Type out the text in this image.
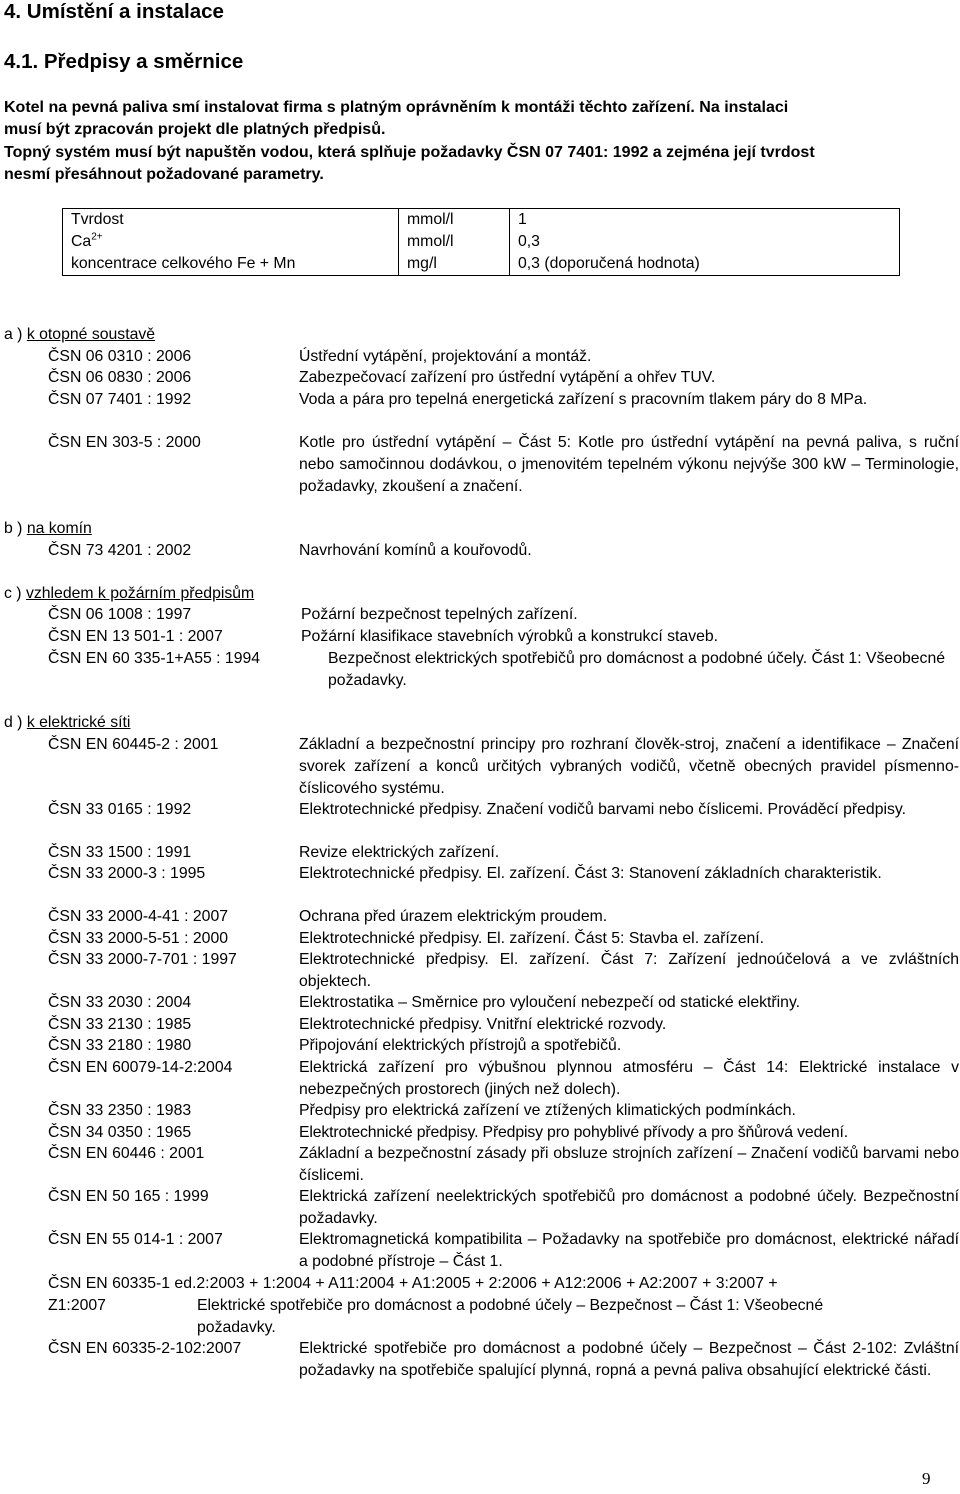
4. Umístění a instalace
4.1. Předpisy a směrnice
Kotel na pevná paliva smí instalovat firma s platným oprávněním k montáži těchto zařízení. Na instalaci
musí být zpracován projekt dle platných předpisů.
Topný systém musí být napuštěn vodou, která splňuje požadavky ČSN 07 7401: 1992 a zejména její tvrdost
nesmí přesáhnout požadované parametry.
Tvrdost	mmol/l	1
$Ca^{2+}$	mmol/l	0,3
koncentrace celkového Fe + Mn	mg/l	0,3 (doporučená hodnota)
a ) k otopné soustavě
ČSN 06 0310 : 2006	Ústřední vytápění, projektování a montáž.
ČSN 06 0830 : 2006	Zabezpečovací zařízení pro ústřední vytápění a ohřev TUV.
ČSN 07 7401 : 1992	Voda a pára pro tepelná energetická zařízení s pracovním tlakem páry do 8 MPa.
ČSN EN 303-5 : 2000	Kotle pro ústřední vytápění – Část 5: Kotle pro ústřední vytápění na pevná paliva, s ruční nebo samočinnou dodávkou, o jmenovitém tepelném výkonu nejvýše 300 kW – Terminologie, požadavky, zkoušení a značení.
b ) na komín
ČSN 73 4201 : 2002	Navrhování komínů a kouřovodů.
c ) vzhledem k požárním předpisům
ČSN 06 1008 : 1997	Požární bezpečnost tepelných zařízení.
ČSN EN 13 501-1 : 2007	Požární klasifikace stavebních výrobků a konstrukcí staveb.
ČSN EN 60 335-1+A55 : 1994	Bezpečnost elektrických spotřebičů pro domácnost a podobné účely. Část 1: Všeobecné požadavky.
d ) k elektrické síti
ČSN EN 60445-2 : 2001	Základní a bezpečnostní principy pro rozhraní člověk-stroj, značení a identifikace – Značení svorek zařízení a konců určitých vybraných vodičů, včetně obecných pravidel písmenno-číslicového systému.
ČSN 33 0165 : 1992	Elektrotechnické předpisy. Značení vodičů barvami nebo číslicemi. Prováděcí předpisy.
ČSN 33 1500 : 1991	Revize elektrických zařízení.
ČSN 33 2000-3 : 1995	Elektrotechnické předpisy. El. zařízení. Část 3: Stanovení základních charakteristik.
ČSN 33 2000-4-41 : 2007	Ochrana před úrazem elektrickým proudem.
ČSN 33 2000-5-51 : 2000	Elektrotechnické předpisy. El. zařízení. Část 5: Stavba el. zařízení.
ČSN 33 2000-7-701 : 1997	Elektrotechnické předpisy. El. zařízení. Část 7: Zařízení jednoúčelová a ve zvláštních objektech.
ČSN 33 2030 : 2004	Elektrostatika – Směrnice pro vyloučení nebezpečí od statické elektřiny.
ČSN 33 2130 : 1985	Elektrotechnické předpisy. Vnitřní elektrické rozvody.
ČSN 33 2180 : 1980	Připojování elektrických přístrojů a spotřebičů.
ČSN EN 60079-14-2:2004	Elektrická zařízení pro výbušnou plynnou atmosféru – Část 14: Elektrické instalace v nebezpečných prostorech (jiných než dolech).
ČSN 33 2350 : 1983	Předpisy pro elektrická zařízení ve ztížených klimatických podmínkách.
ČSN 34 0350 : 1965	Elektrotechnické předpisy. Předpisy pro pohyblivé přívody a pro šňůrová vedení.
ČSN EN 60446 : 2001	Základní a bezpečnostní zásady při obsluze strojních zařízení – Značení vodičů barvami nebo číslicemi.
ČSN EN 50 165 : 1999	Elektrická zařízení neelektrických spotřebičů pro domácnost a podobné účely. Bezpečnostní požadavky.
ČSN EN 55 014-1 : 2007	Elektromagnetická kompatibilita – Požadavky na spotřebiče pro domácnost, elektrické nářadí a podobné přístroje – Část 1.
ČSN EN 60335-1 ed.2:2003 + 1:2004 + A11:2004 + A1:2005 + 2:2006 + A12:2006 + A2:2007 + 3:2007 +
Z1:2007	Elektrické spotřebiče pro domácnost a podobné účely – Bezpečnost – Část 1: Všeobecné požadavky.
ČSN EN 60335-2-102:2007	Elektrické spotřebiče pro domácnost a podobné účely – Bezpečnost – Část 2-102: Zvláštní požadavky na spotřebiče spalující plynná, ropná a pevná paliva obsahující elektrické části.
9
